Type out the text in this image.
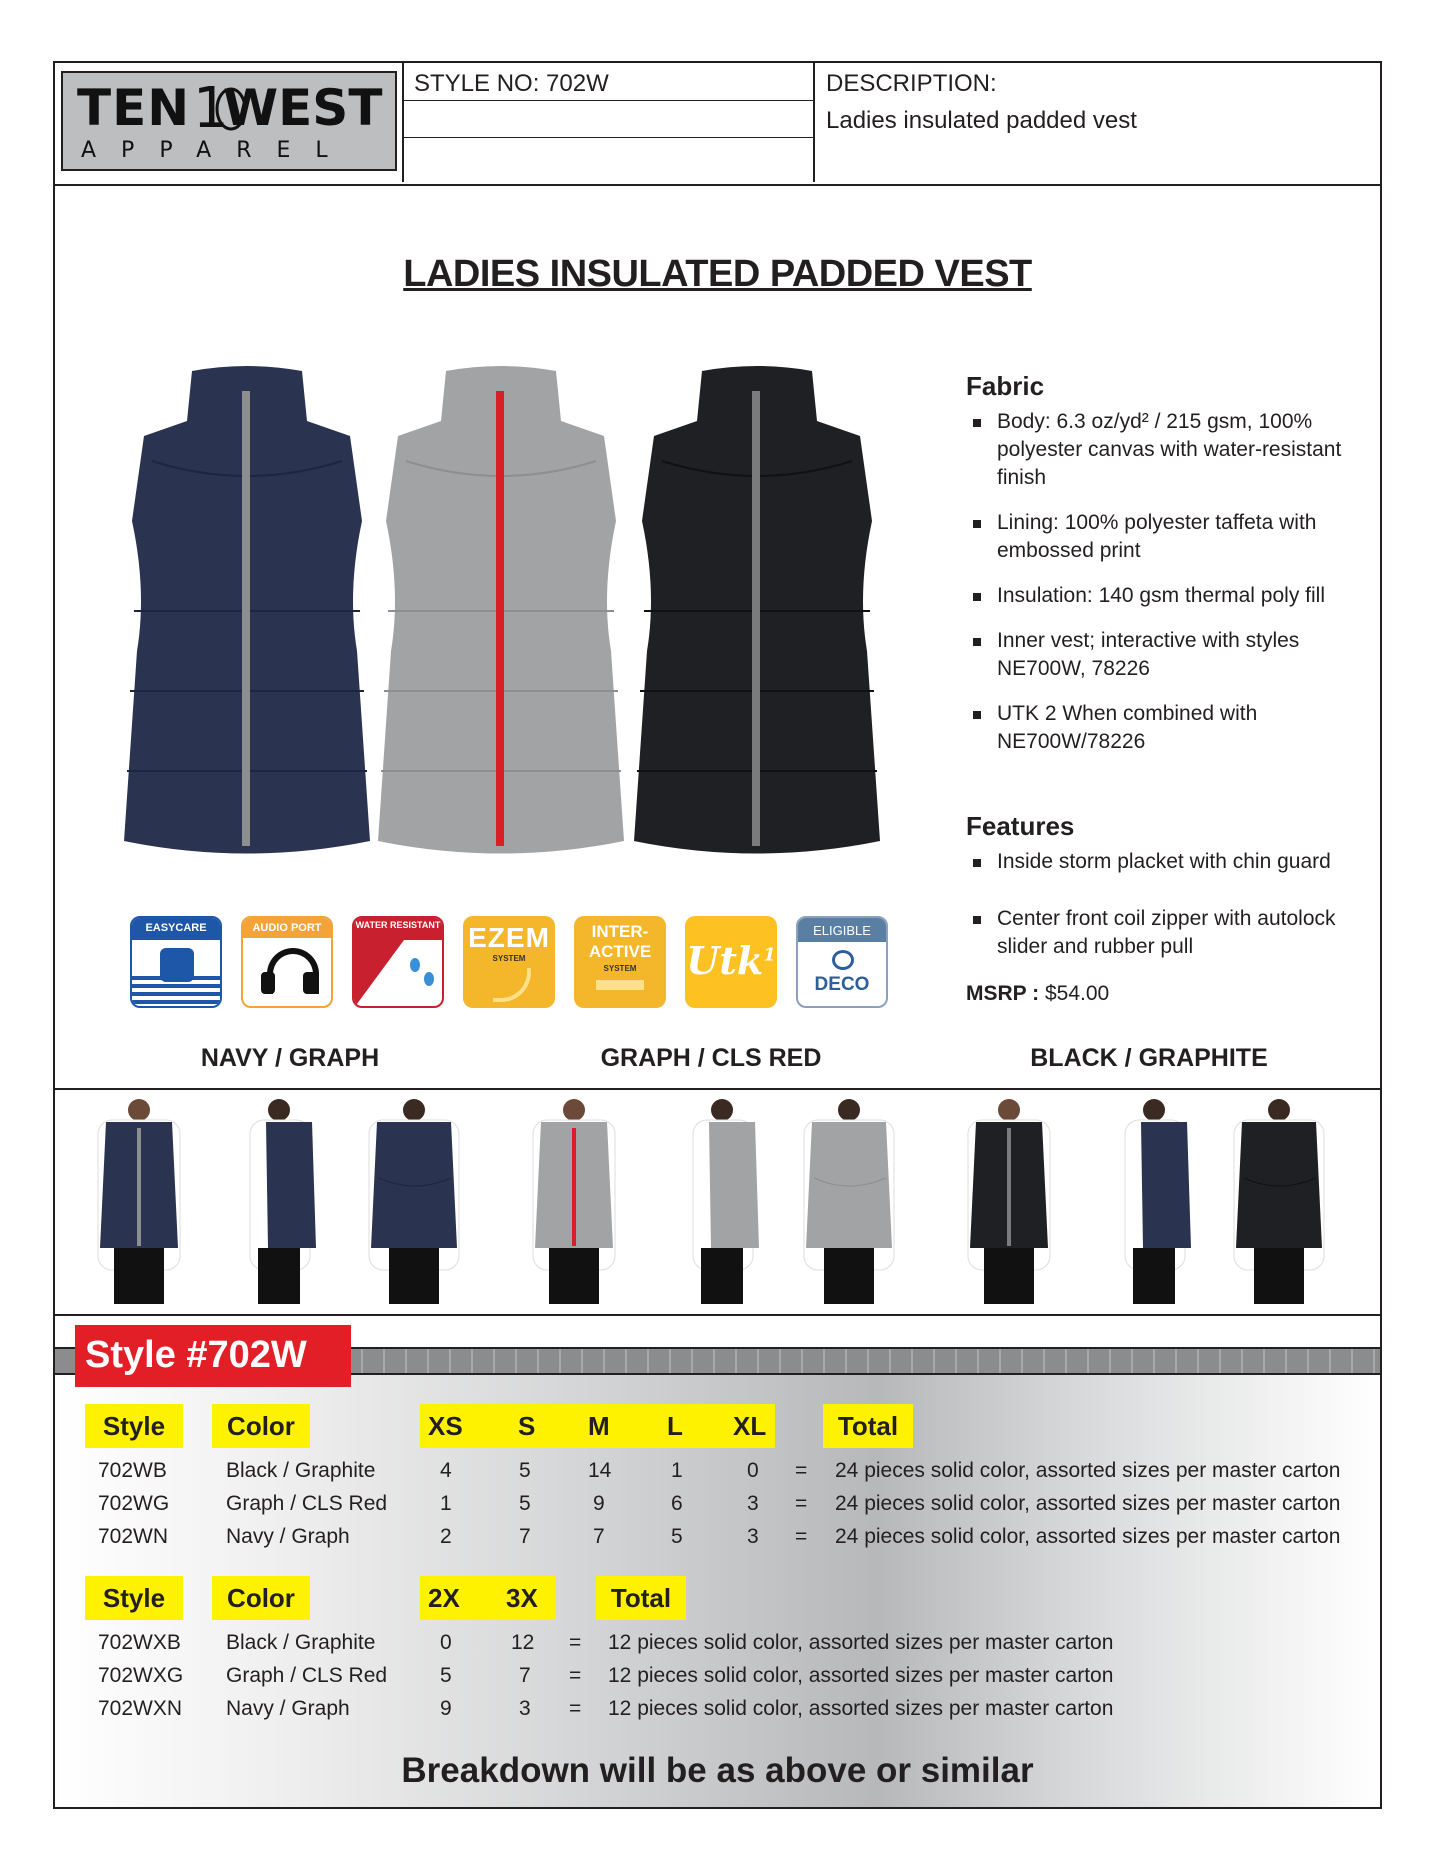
TEN 1
WEST
APPAREL
STYLE NO: 702W	DESCRIPTION:
Ladies insulated padded vest
LADIES INSULATED PADDED VEST
EASYCARE	AUDIO PORT	WATER RESISTANT EZEM
SYSTEM
INTER-ACTIVE
SYSTEM	Utk$^1$
ELIGIBLE
DECO
Fabric
Body: 6.3 oz/yd² / 215 gsm, 100% polyester canvas with water-resistant finish
Lining: 100% polyester taffeta with embossed print
Insulation: 140 gsm thermal poly fill
Inner vest; interactive with styles NE700W, 78226
UTK 2 When combined with NE700W/78226
Features
Inside storm placket with chin guard
Center front coil zipper with autolock slider and rubber pull
MSRP : $54.00
NAVY / GRAPH	GRAPH / CLS RED	BLACK / GRAPHITE
Style #702W
Style	Color	XS S M L XL	Total
702WB	Black / Graphite	4	5	14	1	0 = 24 pieces solid color, assorted sizes per master carton
702WG	Graph / CLS Red	1	5	9	6	3 = 24 pieces solid color, assorted sizes per master carton
702WN	Navy / Graph	2	7	7	5	3 = 24 pieces solid color, assorted sizes per master carton
Style	Color	2X 3X	Total
702WXB Black / Graphite	0	12 = 12 pieces solid color, assorted sizes per master carton
702WXG Graph / CLS Red	5	7 = 12 pieces solid color, assorted sizes per master carton
702WXN Navy / Graph	9	3 = 12 pieces solid color, assorted sizes per master carton
Breakdown will be as above or similar
